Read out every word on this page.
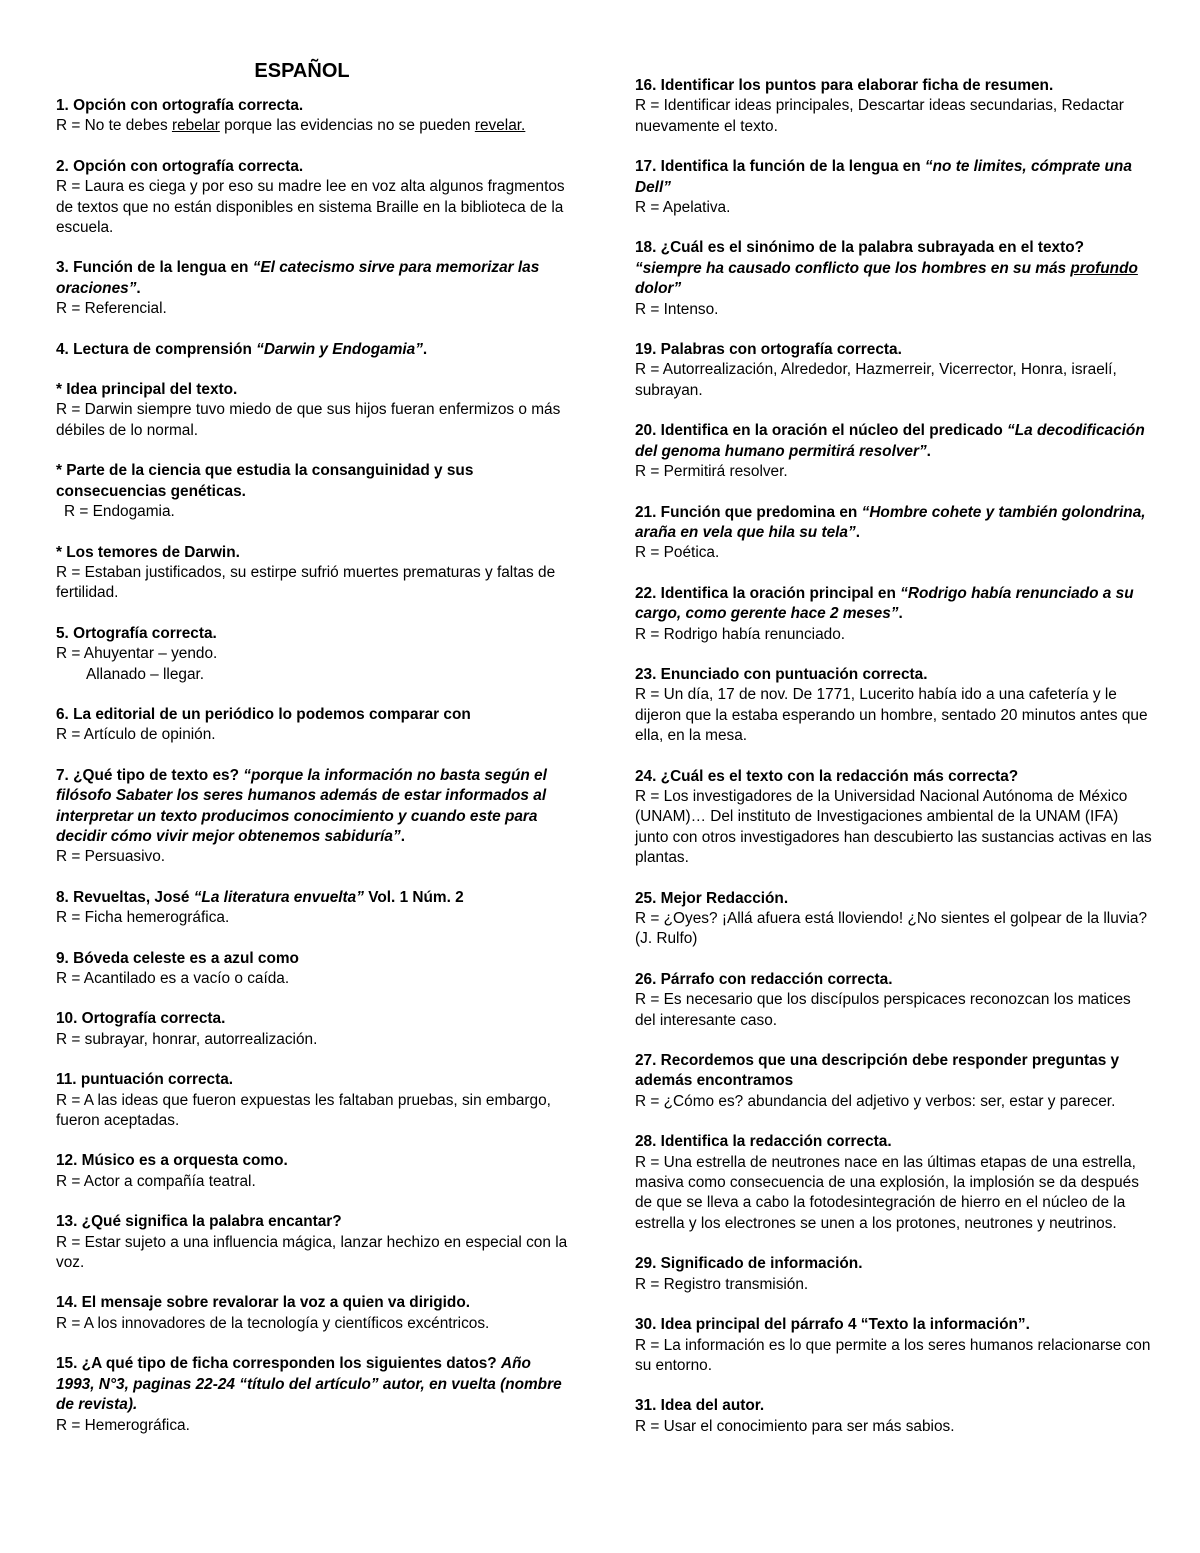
ESPAÑOL
1. Opción con ortografía correcta.
R = No te debes rebelar porque las evidencias no se pueden revelar.
2. Opción con ortografía correcta.
R = Laura es ciega y por eso su madre lee en voz alta algunos fragmentos de textos que no están disponibles en sistema Braille en la biblioteca de la escuela.
3. Función de la lengua en “El catecismo sirve para memorizar las oraciones”.
R = Referencial.
4. Lectura de comprensión “Darwin y Endogamia”.
* Idea principal del texto.
R = Darwin siempre tuvo miedo de que sus hijos fueran enfermizos o más débiles de lo normal.
* Parte de la ciencia que estudia la consanguinidad y sus consecuencias genéticas.
R = Endogamia.
* Los temores de Darwin.
R = Estaban justificados, su estirpe sufrió muertes prematuras y faltas de fertilidad.
5. Ortografía correcta.
R = Ahuyentar – yendo.
Allanado – llegar.
6. La editorial de un periódico lo podemos comparar con
R = Artículo de opinión.
7. ¿Qué tipo de texto es? “porque la información no basta según el filósofo Sabater los seres humanos además de estar informados al interpretar un texto producimos conocimiento y cuando este para decidir cómo vivir mejor obtenemos sabiduría”.
R = Persuasivo.
8. Revueltas, José “La literatura envuelta” Vol. 1 Núm. 2
R = Ficha hemerográfica.
9. Bóveda celeste es a azul como
R = Acantilado es a vacío o caída.
10. Ortografía correcta.
R = subrayar, honrar, autorrealización.
11. puntuación correcta.
R = A las ideas que fueron expuestas les faltaban pruebas, sin embargo, fueron aceptadas.
12. Músico es a orquesta como.
R = Actor a compañía teatral.
13. ¿Qué significa la palabra encantar?
R = Estar sujeto a una influencia mágica, lanzar hechizo en especial con la voz.
14. El mensaje sobre revalorar la voz a quien va dirigido.
R = A los innovadores de la tecnología y científicos excéntricos.
15. ¿A qué tipo de ficha corresponden los siguientes datos? Año 1993, N°3, paginas 22-24 “título del artículo” autor, en vuelta (nombre de revista).
R = Hemerográfica.
16. Identificar los puntos para elaborar ficha de resumen.
R = Identificar ideas principales, Descartar ideas secundarias, Redactar nuevamente el texto.
17. Identifica la función de la lengua en “no te limites, cómprate una Dell”
R = Apelativa.
18. ¿Cuál es el sinónimo de la palabra subrayada en el texto? “siempre ha causado conflicto que los hombres en su más profundo dolor”
R = Intenso.
19. Palabras con ortografía correcta.
R = Autorrealización, Alrededor, Hazmerreir, Vicerrector, Honra, israelí, subrayan.
20. Identifica en la oración el núcleo del predicado “La decodificación del genoma humano permitirá resolver”.
R = Permitirá resolver.
21. Función que predomina en “Hombre cohete y también golondrina, araña en vela que hila su tela”.
R = Poética.
22. Identifica la oración principal en “Rodrigo había renunciado a su cargo, como gerente hace 2 meses”.
R = Rodrigo había renunciado.
23. Enunciado con puntuación correcta.
R = Un día, 17 de nov. De 1771, Lucerito había ido a una cafetería y le dijeron que la estaba esperando un hombre, sentado 20 minutos antes que ella, en la mesa.
24. ¿Cuál es el texto con la redacción más correcta?
R = Los investigadores de la Universidad Nacional Autónoma de México (UNAM)… Del instituto de Investigaciones ambiental de la UNAM (IFA) junto con otros investigadores han descubierto las sustancias activas en las plantas.
25. Mejor Redacción.
R = ¿Oyes? ¡Allá afuera está lloviendo! ¿No sientes el golpear de la lluvia? (J. Rulfo)
26. Párrafo con redacción correcta.
R = Es necesario que los discípulos perspicaces reconozcan los matices del interesante caso.
27. Recordemos que una descripción debe responder preguntas y además encontramos
R = ¿Cómo es? abundancia del adjetivo y verbos: ser, estar y parecer.
28. Identifica la redacción correcta.
R = Una estrella de neutrones nace en las últimas etapas de una estrella, masiva como consecuencia de una explosión, la implosión se da después de que se lleva a cabo la fotodesintegración de hierro en el núcleo de la estrella y los electrones se unen a los protones, neutrones y neutrinos.
29. Significado de información.
R = Registro transmisión.
30. Idea principal del párrafo 4 “Texto la información”.
R = La información es lo que permite a los seres humanos relacionarse con su entorno.
31. Idea del autor.
R = Usar el conocimiento para ser más sabios.
